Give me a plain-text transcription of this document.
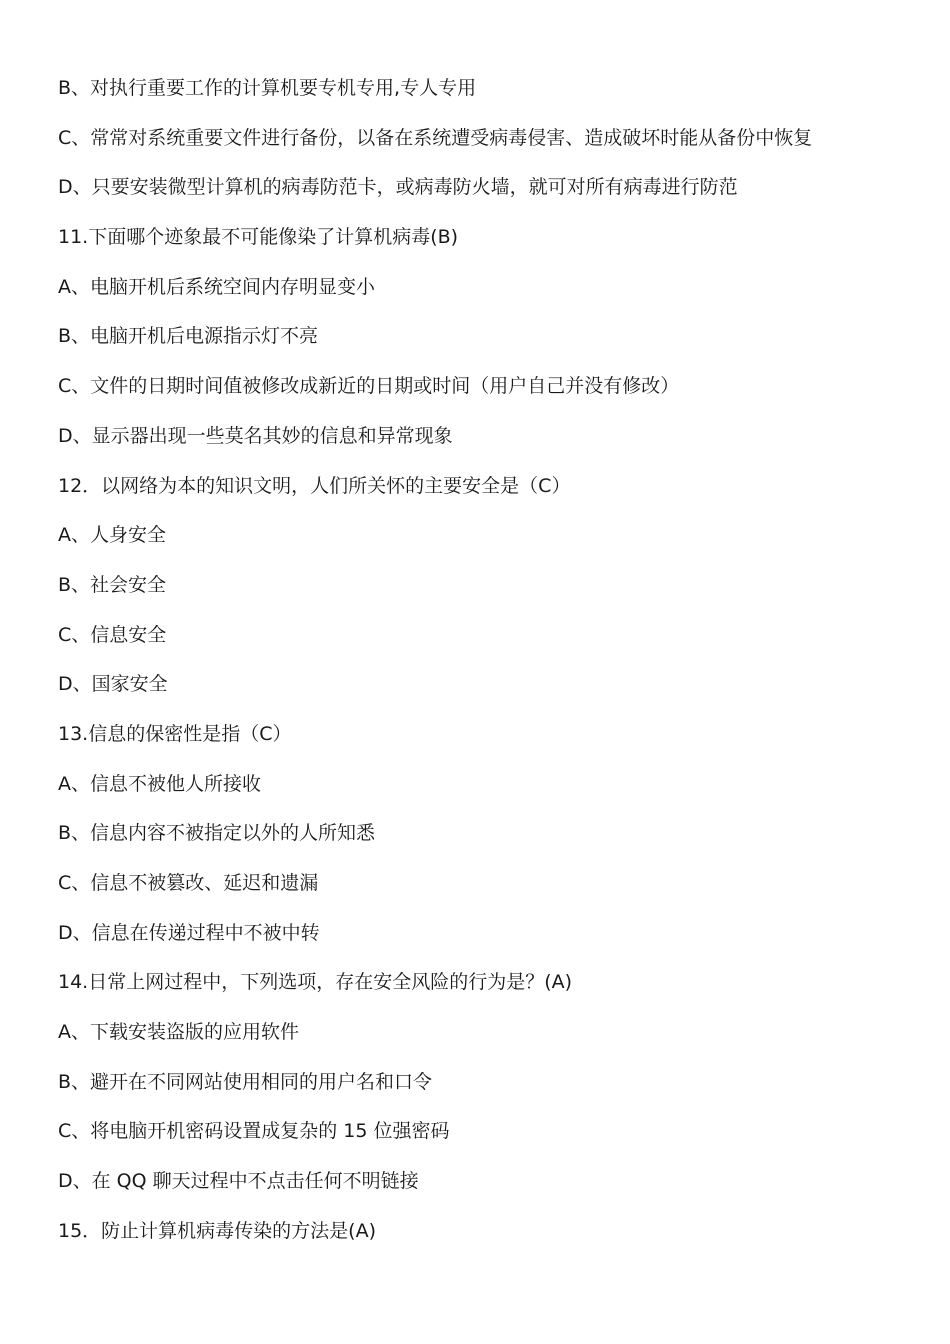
B、对执行重要工作的计算机要专机专用,专人专用
C、常常对系统重要文件进行备份，以备在系统遭受病毒侵害、造成破坏时能从备份中恢复
D、只要安装微型计算机的病毒防范卡，或病毒防火墙，就可对所有病毒进行防范
11.下面哪个迹象最不可能像染了计算机病毒(B)
A、电脑开机后系统空间内存明显变小
B、电脑开机后电源指示灯不亮
C、文件的日期时间值被修改成新近的日期或时间（用户自己并没有修改）
D、显示器出现一些莫名其妙的信息和异常现象
12．以网络为本的知识文明，人们所关怀的主要安全是（C）
A、人身安全
B、社会安全
C、信息安全
D、国家安全
13.信息的保密性是指（C）
A、信息不被他人所接收
B、信息内容不被指定以外的人所知悉
C、信息不被篡改、延迟和遗漏
D、信息在传递过程中不被中转
14.日常上网过程中，下列选项，存在安全风险的行为是？(A)
A、下载安装盗版的应用软件
B、避开在不同网站使用相同的用户名和口令
C、将电脑开机密码设置成复杂的 15 位强密码
D、在 QQ 聊天过程中不点击任何不明链接
15．防止计算机病毒传染的方法是(A)
